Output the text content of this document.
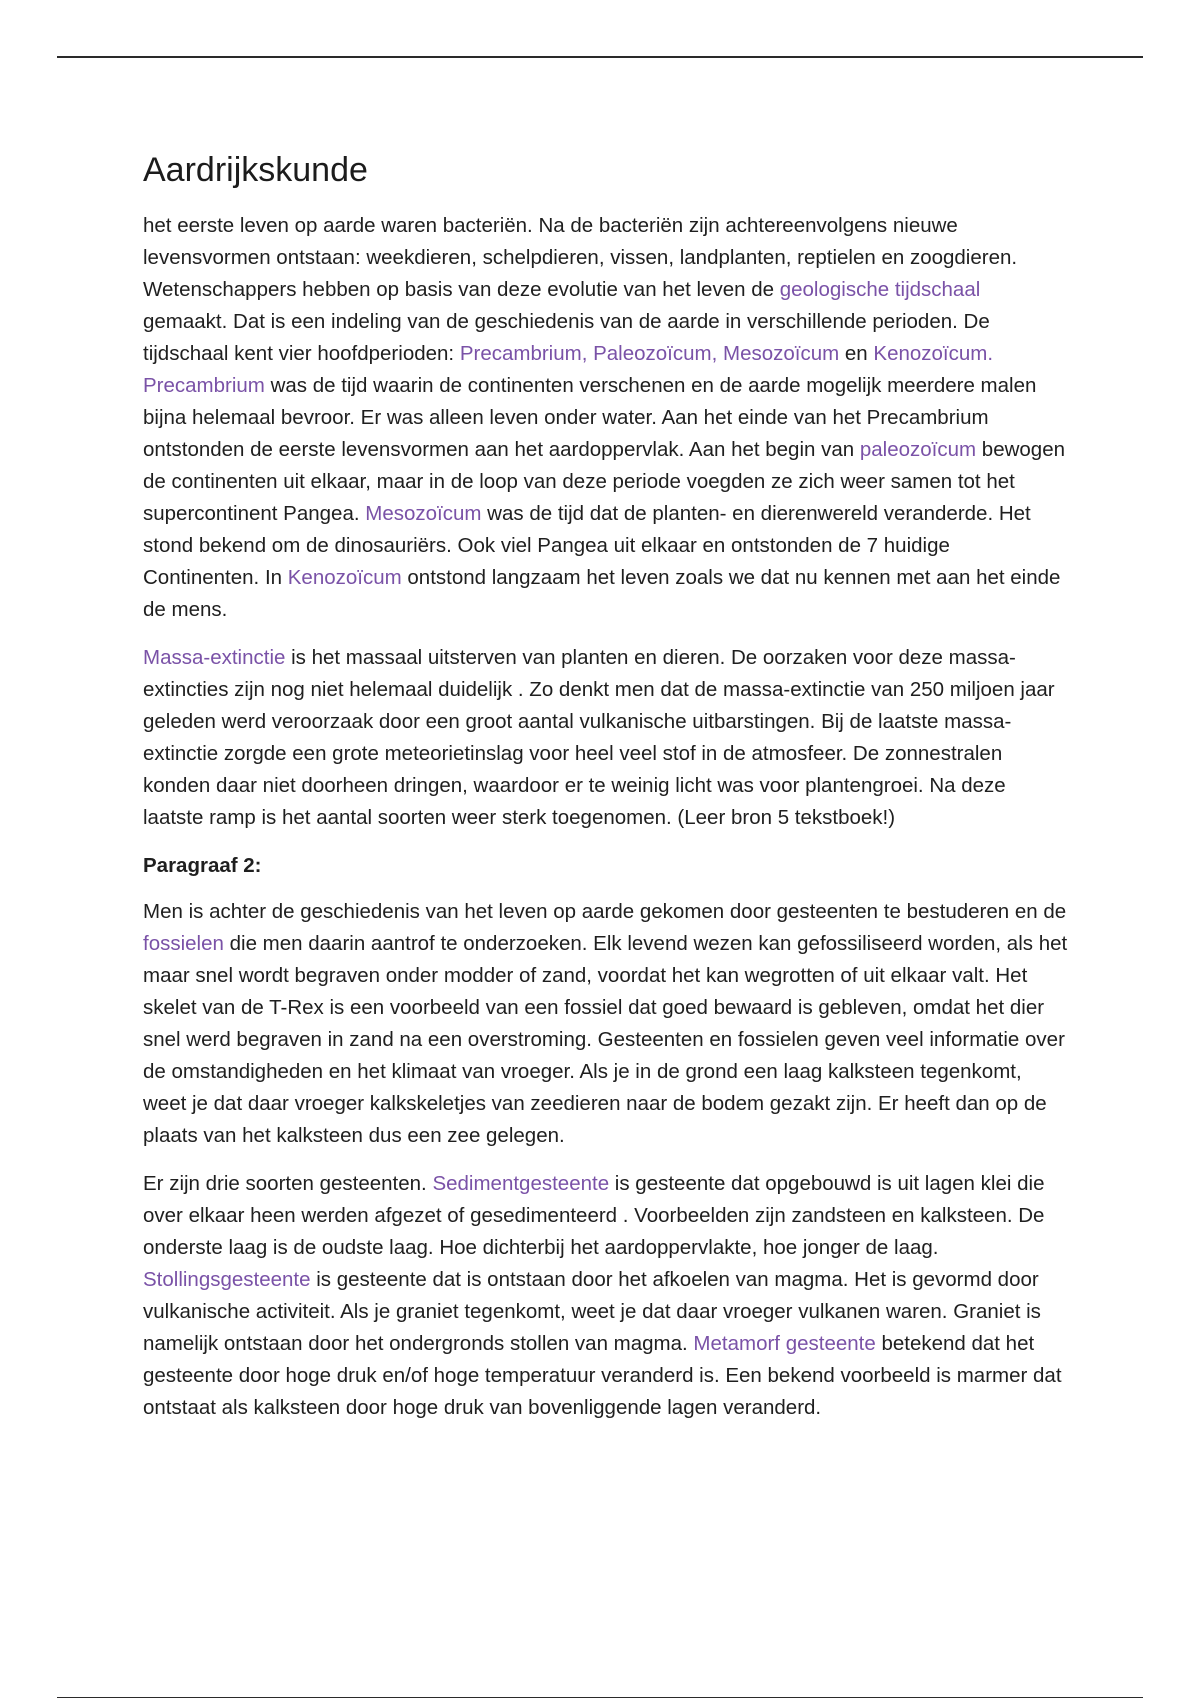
Aardrijkskunde

het eerste leven op aarde waren bacteriën. Na de bacteriën zijn achtereenvolgens nieuwe levensvormen ontstaan: weekdieren, schelpdieren, vissen, landplanten, reptielen en zoogdieren. Wetenschappers hebben op basis van deze evolutie van het leven de geologische tijdschaal gemaakt. Dat is een indeling van de geschiedenis van de aarde in verschillende perioden. De tijdschaal kent vier hoofdperioden: Precambrium, Paleozoïcum, Mesozoïcum en Kenozoïcum. Precambrium was de tijd waarin de continenten verschenen en de aarde mogelijk meerdere malen bijna helemaal bevroor. Er was alleen leven onder water. Aan het einde van het Precambrium ontstonden de eerste levensvormen aan het aardoppervlak. Aan het begin van paleozoïcum bewogen de continenten uit elkaar, maar in de loop van deze periode voegden ze zich weer samen tot het supercontinent Pangea. Mesozoïcum was de tijd dat de planten- en dierenwereld veranderde. Het stond bekend om de dinosauriërs. Ook viel Pangea uit elkaar en ontstonden de 7 huidige Continenten. In Kenozoïcum ontstond langzaam het leven zoals we dat nu kennen met aan het einde de mens.

Massa-extinctie is het massaal uitsterven van planten en dieren. De oorzaken voor deze massa-extincties zijn nog niet helemaal duidelijk . Zo denkt men dat de massa-extinctie van 250 miljoen jaar geleden werd veroorzaak door een groot aantal vulkanische uitbarstingen. Bij de laatste massa-extinctie zorgde een grote meteorietinslag voor heel veel stof in de atmosfeer. De zonnestralen konden daar niet doorheen dringen, waardoor er te weinig licht was voor plantengroei. Na deze laatste ramp is het aantal soorten weer sterk toegenomen. (Leer bron 5 tekstboek!)

Paragraaf 2:

Men is achter de geschiedenis van het leven op aarde gekomen door gesteenten te bestuderen en de fossielen die men daarin aantrof te onderzoeken. Elk levend wezen kan gefossiliseerd worden, als het maar snel wordt begraven onder modder of zand, voordat het kan wegrotten of uit elkaar valt. Het skelet van de T-Rex is een voorbeeld van een fossiel dat goed bewaard is gebleven, omdat het dier snel werd begraven in zand na een overstroming. Gesteenten en fossielen geven veel informatie over de omstandigheden en het klimaat van vroeger. Als je in de grond een laag kalksteen tegenkomt, weet je dat daar vroeger kalkskeletjes van zeedieren naar de bodem gezakt zijn. Er heeft dan op de plaats van het kalksteen dus een zee gelegen.

Er zijn drie soorten gesteenten. Sedimentgesteente is gesteente dat opgebouwd is uit lagen klei die over elkaar heen werden afgezet of gesedimenteerd . Voorbeelden zijn zandsteen en kalksteen. De onderste laag is de oudste laag. Hoe dichterbij het aardoppervlakte, hoe jonger de laag. Stollingsgesteente is gesteente dat is ontstaan door het afkoelen van magma. Het is gevormd door vulkanische activiteit. Als je graniet tegenkomt, weet je dat daar vroeger vulkanen waren. Graniet is namelijk ontstaan door het ondergronds stollen van magma. Metamorf gesteente betekend dat het gesteente door hoge druk en/of hoge temperatuur veranderd is. Een bekend voorbeeld is marmer dat ontstaat als kalksteen door hoge druk van bovenliggende lagen veranderd.
